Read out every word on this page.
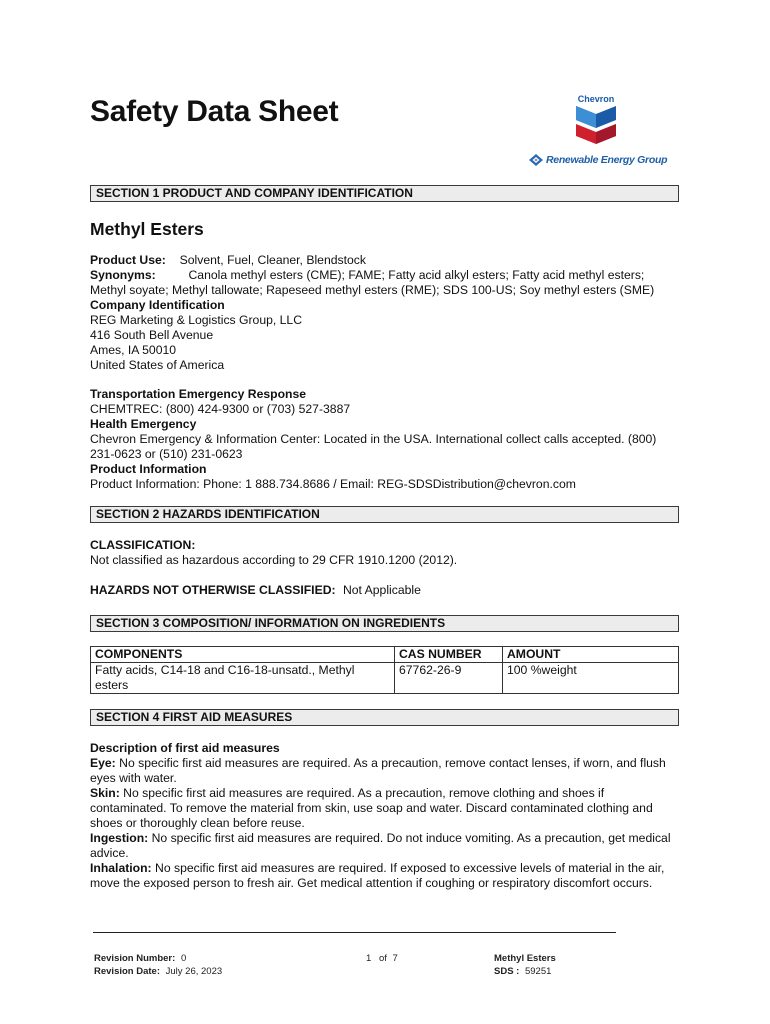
Safety Data Sheet	Chevron
Renewable Energy Group
SECTION 1 PRODUCT AND COMPANY IDENTIFICATION
Methyl Esters
Product Use: Solvent, Fuel, Cleaner, Blendstock
Synonyms:	Canola methyl esters (CME); FAME; Fatty acid alkyl esters; Fatty acid methyl esters;
Methyl soyate; Methyl tallowate; Rapeseed methyl esters (RME); SDS 100-US; Soy methyl esters (SME)
Company Identification
REG Marketing & Logistics Group, LLC
416 South Bell Avenue
Ames, IA 50010
United States of America
Transportation Emergency Response
CHEMTREC: (800) 424-9300 or (703) 527-3887
Health Emergency
Chevron Emergency & Information Center: Located in the USA. International collect calls accepted. (800)
231-0623 or (510) 231-0623
Product Information
Product Information: Phone: 1 888.734.8686 / Email: REG-SDSDistribution@chevron.com
SECTION 2 HAZARDS IDENTIFICATION
CLASSIFICATION:
Not classified as hazardous according to 29 CFR 1910.1200 (2012).
HAZARDS NOT OTHERWISE CLASSIFIED: Not Applicable
SECTION 3 COMPOSITION/ INFORMATION ON INGREDIENTS
COMPONENTS	CAS NUMBER	AMOUNT
Fatty acids, C14-18 and C16-18-unsatd., Methyl esters	67762-26-9	100 %weight
SECTION 4 FIRST AID MEASURES
Description of first aid measures
Eye: No specific first aid measures are required. As a precaution, remove contact lenses, if worn, and flush eyes with water.
Skin: No specific first aid measures are required. As a precaution, remove clothing and shoes if contaminated. To remove the material from skin, use soap and water. Discard contaminated clothing and shoes or thoroughly clean before reuse.
Ingestion: No specific first aid measures are required. Do not induce vomiting. As a precaution, get medical advice.
Inhalation: No specific first aid measures are required. If exposed to excessive levels of material in the air, move the exposed person to fresh air. Get medical attention if coughing or respiratory discomfort occurs.
Revision Number: 0
Revision Date: July 26, 2023
1 of 7	Methyl Esters
SDS : 59251
